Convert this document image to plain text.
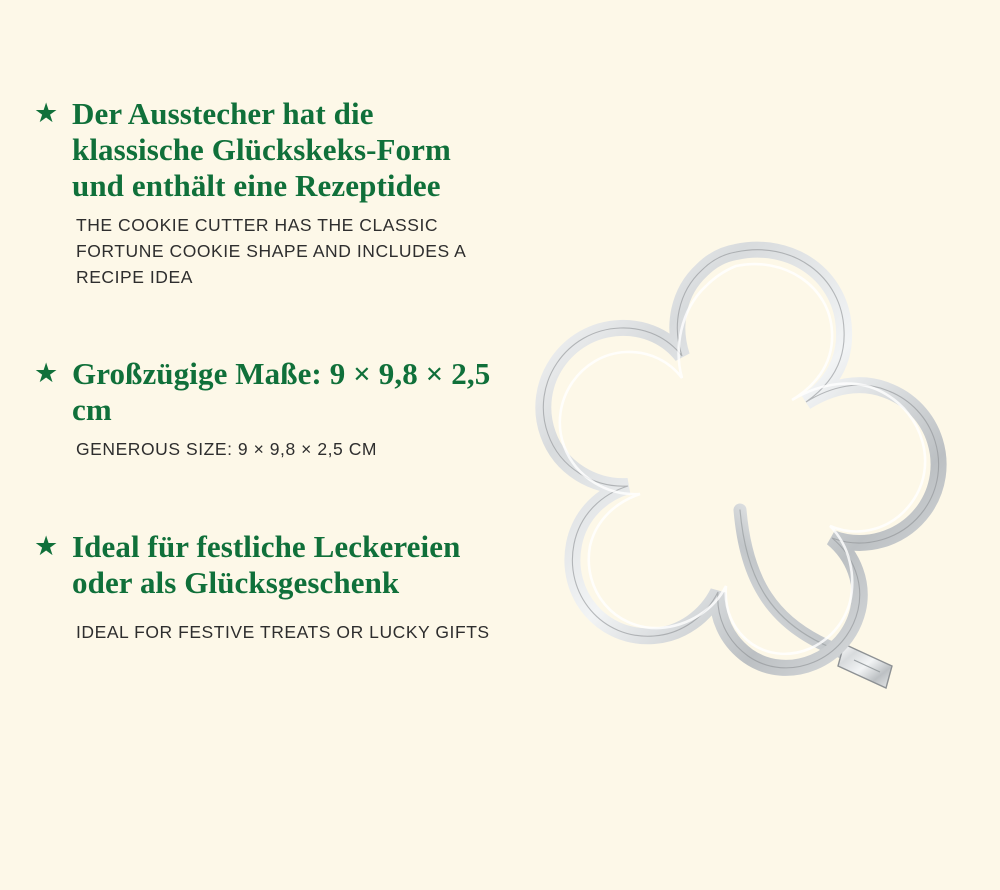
★ Der Ausstecher hat die klassische Glückskeks-Form und enthält eine Rezeptidee

THE COOKIE CUTTER HAS THE CLASSIC FORTUNE COOKIE SHAPE AND INCLUDES A RECIPE IDEA

★ Großzügige Maße: 9 × 9,8 × 2,5 cm

GENEROUS SIZE: 9 × 9,8 × 2,5 CM

★ Ideal für festliche Leckereien oder als Glücksgeschenk

IDEAL FOR FESTIVE TREATS OR LUCKY GIFTS
